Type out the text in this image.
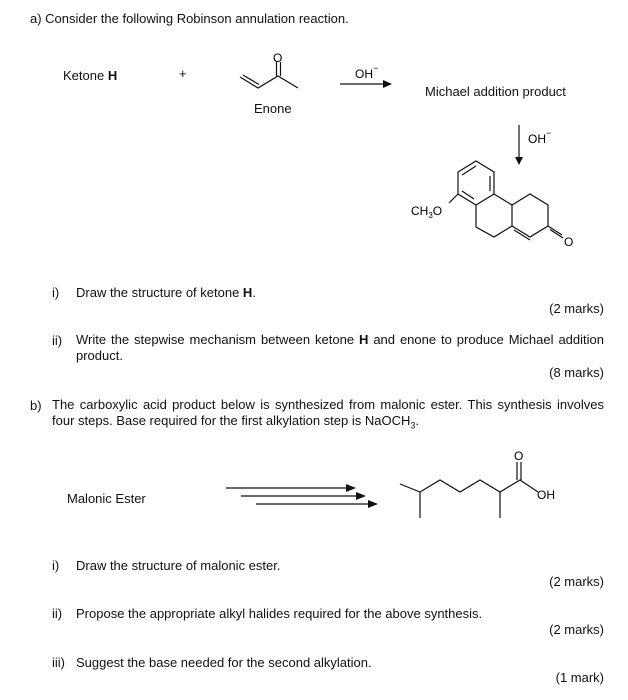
a) Consider the following Robinson annulation reaction.
Ketone H	+
O
OH −
OH −
$CH_3O$
O
O
OH
Enone
Michael addition product
i) Draw the structure of ketone H.
(2 marks)
ii) Write the stepwise mechanism between ketone H and enone to produce Michael addition product.
(8 marks)
b) The carboxylic acid product below is synthesized from malonic ester. This synthesis involves four steps. Base required for the first alkylation step is NaOCH$_3$.
Malonic Ester
i) Draw the structure of malonic ester.
(2 marks)
ii) Propose the appropriate alkyl halides required for the above synthesis.
(2 marks)
iii) Suggest the base needed for the second alkylation.
(1 mark)
